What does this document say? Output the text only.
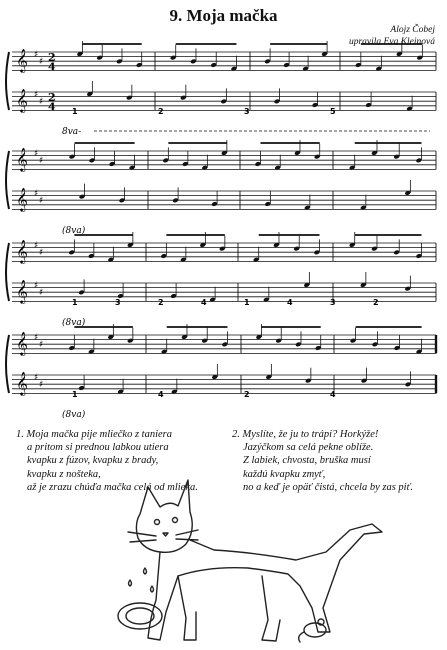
9. Moja mačka
Alojz Čobej
upravila Eva Kleinová
𝄞 ♯
♯ 2
4
𝄞 ♯
♯ 2
4 1	2	3	5
8va-
𝄞 ♯
♯
𝄞 ♯
♯
(8va)
𝄞 ♯
♯
𝄞 ♯
♯
1	3	2	4	1	4	3	2
(8va)
𝄞 ♯
♯
𝄞 ♯
♯
1	4	2	4
(8va)
1. Moja mačka pije mliečko z taniera
a pritom si prednou labkou utiera
kvapku z fúzov, kvapku z brady,
kvapku z nošteka,
až je zrazu chúďa mačka celá od mlieka.
2. Myslíte, že ju to trápi? Horkýže!
Jazýčkom sa celá pekne oblíže.
Z labiek, chvosta, bruška musí
každú kvapku zmyť,
no a keď je opäť čistá, chcela by zas piť.
